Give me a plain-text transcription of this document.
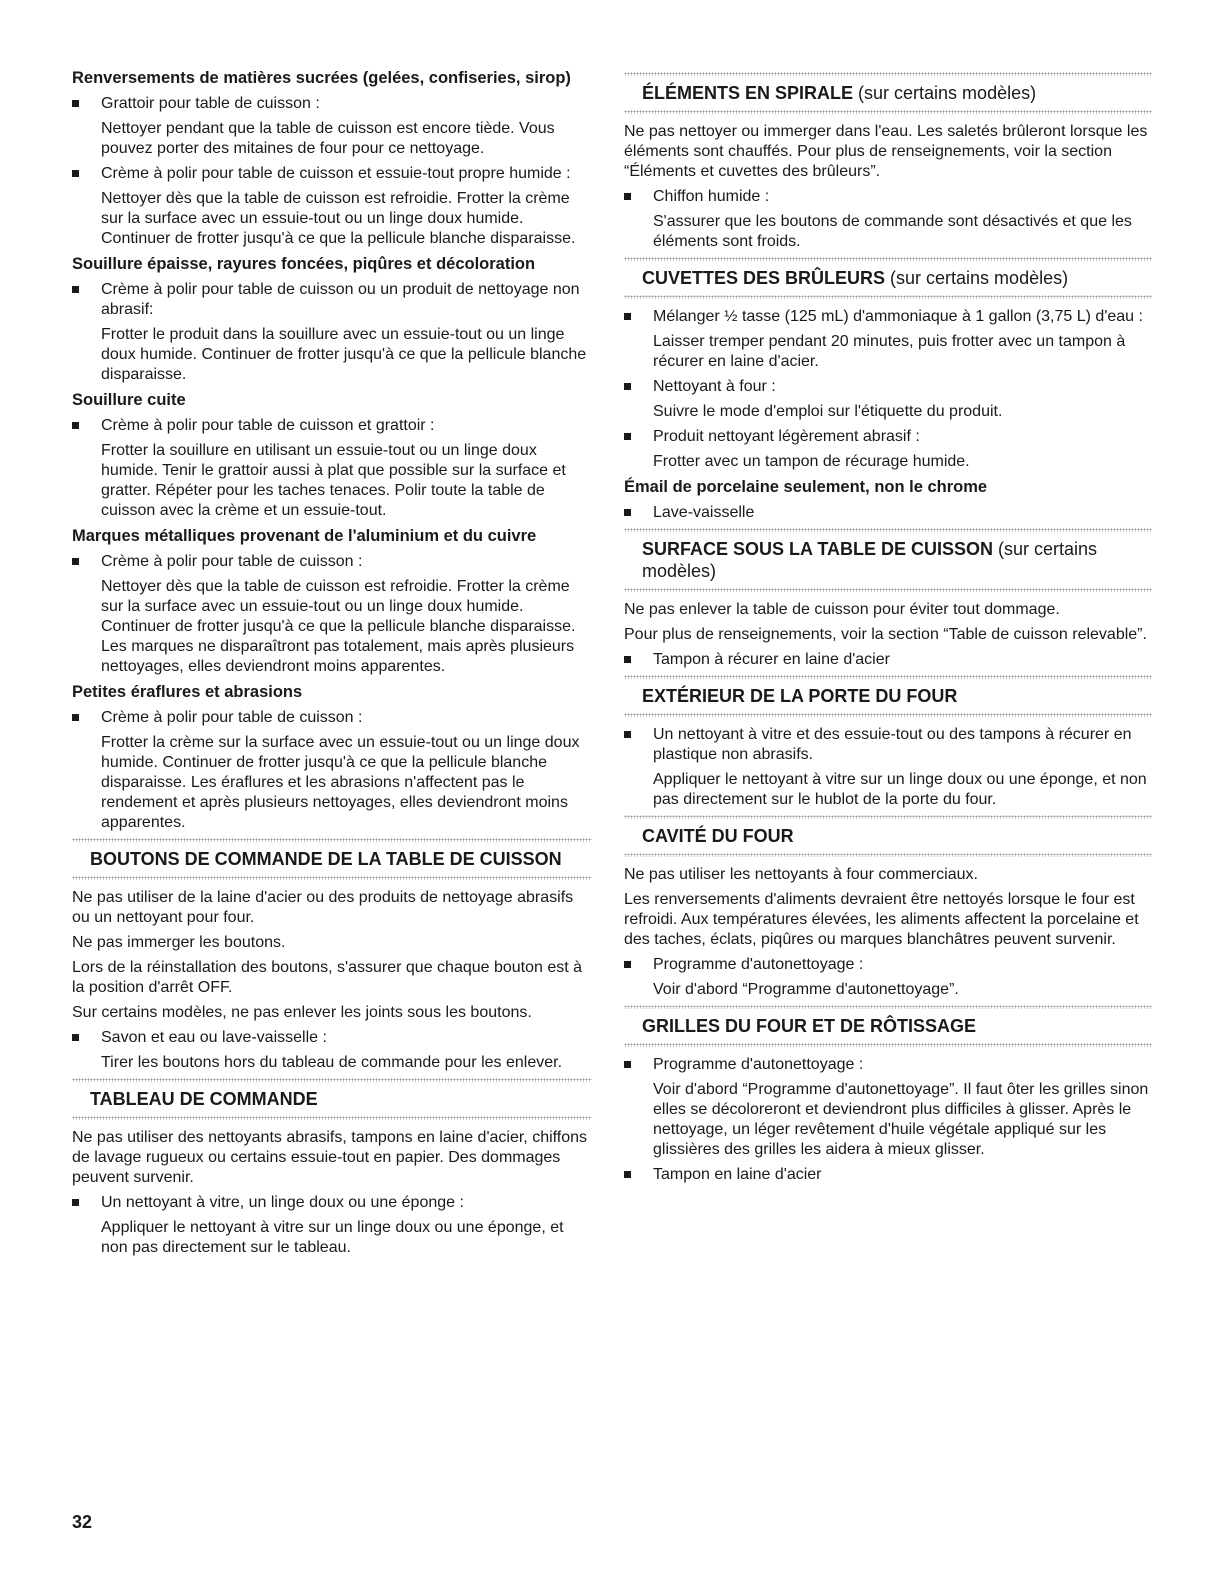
Renversements de matières sucrées (gelées, confiseries, sirop)
Grattoir pour table de cuisson :
Nettoyer pendant que la table de cuisson est encore tiède. Vous pouvez porter des mitaines de four pour ce nettoyage.
Crème à polir pour table de cuisson et essuie-tout propre humide :
Nettoyer dès que la table de cuisson est refroidie. Frotter la crème sur la surface avec un essuie-tout ou un linge doux humide. Continuer de frotter jusqu'à ce que la pellicule blanche disparaisse.
Souillure épaisse, rayures foncées, piqûres et décoloration
Crème à polir pour table de cuisson ou un produit de nettoyage non abrasif:
Frotter le produit dans la souillure avec un essuie-tout ou un linge doux humide. Continuer de frotter jusqu'à ce que la pellicule blanche disparaisse.
Souillure cuite
Crème à polir pour table de cuisson et grattoir :
Frotter la souillure en utilisant un essuie-tout ou un linge doux humide. Tenir le grattoir aussi à plat que possible sur la surface et gratter. Répéter pour les taches tenaces. Polir toute la table de cuisson avec la crème et un essuie-tout.
Marques métalliques provenant de l'aluminium et du cuivre
Crème à polir pour table de cuisson :
Nettoyer dès que la table de cuisson est refroidie. Frotter la crème sur la surface avec un essuie-tout ou un linge doux humide. Continuer de frotter jusqu'à ce que la pellicule blanche disparaisse. Les marques ne disparaîtront pas totalement, mais après plusieurs nettoyages, elles deviendront moins apparentes.
Petites éraflures et abrasions
Crème à polir pour table de cuisson :
Frotter la crème sur la surface avec un essuie-tout ou un linge doux humide. Continuer de frotter jusqu'à ce que la pellicule blanche disparaisse. Les éraflures et les abrasions n'affectent pas le rendement et après plusieurs nettoyages, elles deviendront moins apparentes.
BOUTONS DE COMMANDE DE LA TABLE DE CUISSON
Ne pas utiliser de la laine d'acier ou des produits de nettoyage abrasifs ou un nettoyant pour four.
Ne pas immerger les boutons.
Lors de la réinstallation des boutons, s'assurer que chaque bouton est à la position d'arrêt OFF.
Sur certains modèles, ne pas enlever les joints sous les boutons.
Savon et eau ou lave-vaisselle :
Tirer les boutons hors du tableau de commande pour les enlever.
TABLEAU DE COMMANDE
Ne pas utiliser des nettoyants abrasifs, tampons en laine d'acier, chiffons de lavage rugueux ou certains essuie-tout en papier. Des dommages peuvent survenir.
Un nettoyant à vitre, un linge doux ou une éponge :
Appliquer le nettoyant à vitre sur un linge doux ou une éponge, et non pas directement sur le tableau.
ÉLÉMENTS EN SPIRALE (sur certains modèles)
Ne pas nettoyer ou immerger dans l'eau. Les saletés brûleront lorsque les éléments sont chauffés. Pour plus de renseignements, voir la section “Éléments et cuvettes des brûleurs”.
Chiffon humide :
S'assurer que les boutons de commande sont désactivés et que les éléments sont froids.
CUVETTES DES BRÛLEURS (sur certains modèles)
Mélanger ½ tasse (125 mL) d'ammoniaque à 1 gallon (3,75 L) d'eau :
Laisser tremper pendant 20 minutes, puis frotter avec un tampon à récurer en laine d'acier.
Nettoyant à four :
Suivre le mode d'emploi sur l'étiquette du produit.
Produit nettoyant légèrement abrasif :
Frotter avec un tampon de récurage humide.
Émail de porcelaine seulement, non le chrome
Lave-vaisselle
SURFACE SOUS LA TABLE DE CUISSON (sur certains modèles)
Ne pas enlever la table de cuisson pour éviter tout dommage.
Pour plus de renseignements, voir la section “Table de cuisson relevable”.
Tampon à récurer en laine d'acier
EXTÉRIEUR DE LA PORTE DU FOUR
Un nettoyant à vitre et des essuie-tout ou des tampons à récurer en plastique non abrasifs.
Appliquer le nettoyant à vitre sur un linge doux ou une éponge, et non pas directement sur le hublot de la porte du four.
CAVITÉ DU FOUR
Ne pas utiliser les nettoyants à four commerciaux.
Les renversements d'aliments devraient être nettoyés lorsque le four est refroidi. Aux températures élevées, les aliments affectent la porcelaine et des taches, éclats, piqûres ou marques blanchâtres peuvent survenir.
Programme d'autonettoyage :
Voir d'abord “Programme d'autonettoyage”.
GRILLES DU FOUR ET DE RÔTISSAGE
Programme d'autonettoyage :
Voir d'abord “Programme d'autonettoyage”. Il faut ôter les grilles sinon elles se décoloreront et deviendront plus difficiles à glisser. Après le nettoyage, un léger revêtement d'huile végétale appliqué sur les glissières des grilles les aidera à mieux glisser.
Tampon en laine d'acier
32
